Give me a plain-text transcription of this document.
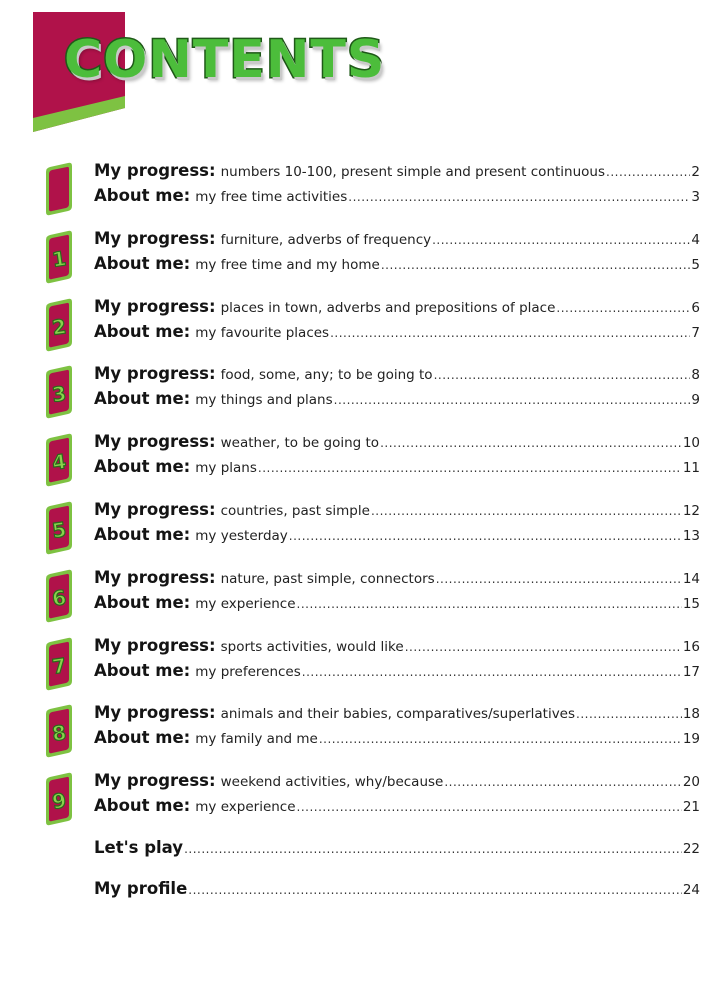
CONTENTS
My progress: numbers 10-100, present simple and present continuous .....	2
About me: my free time activities .....	3
1
My progress: furniture, adverbs of frequency .....	4
About me: my free time and my home .....	5
2
My progress: places in town, adverbs and prepositions of place .....	6
About me: my favourite places .....	7
3
My progress: food, some, any; to be going to .....	8
About me: my things and plans .....	9
4
My progress: weather, to be going to .....	10
About me: my plans .....	11
5
My progress: countries, past simple .....	12
About me: my yesterday .....	13
6
My progress: nature, past simple, connectors .....	14
About me: my experience .....	15
7
My progress: sports activities, would like .....	16
About me: my preferences .....	17
8
My progress: animals and their babies, comparatives/superlatives .....	18
About me: my family and me .....	19
9
My progress: weekend activities, why/because .....	20
About me: my experience .....	21
Let's play .....	22
My profile .....	24
